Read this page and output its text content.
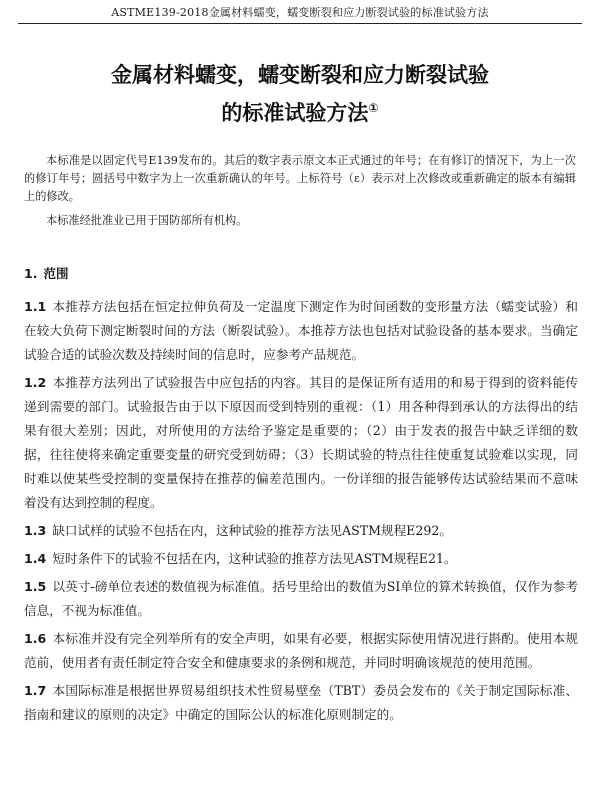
ASTME139-2018金属材料蠕变，蠕变断裂和应力断裂试验的标准试验方法
金属材料蠕变，蠕变断裂和应力断裂试验
的标准试验方法①

本标准是以固定代号E139发布的。其后的数字表示原文本正式通过的年号；在有修订的情况下，为上一次的修订年号；圆括号中数字为上一次重新确认的年号。上标符号（ε）表示对上次修改或重新确定的版本有编辑上的修改。

本标准经批准业已用于国防部所有机构。

1. 范围

1.1 本推荐方法包括在恒定拉伸负荷及一定温度下测定作为时间函数的变形量方法（蠕变试验）和在较大负荷下测定断裂时间的方法（断裂试验）。本推荐方法也包括对试验设备的基本要求。当确定试验合适的试验次数及持续时间的信息时，应参考产品规范。

1.2 本推荐方法列出了试验报告中应包括的内容。其目的是保证所有适用的和易于得到的资料能传递到需要的部门。试验报告由于以下原因而受到特别的重视：（1）用各种得到承认的方法得出的结果有很大差别；因此，对所使用的方法给予鉴定是重要的；（2）由于发表的报告中缺乏详细的数据，往往使将来确定重要变量的研究受到妨碍；（3）长期试验的特点往往使重复试验难以实现，同时难以使某些受控制的变量保持在推荐的偏差范围内。一份详细的报告能够传达试验结果而不意味着没有达到控制的程度。

1.3 缺口试样的试验不包括在内，这种试验的推荐方法见ASTM规程E292。

1.4 短时条件下的试验不包括在内，这种试验的推荐方法见ASTM规程E21。

1.5 以英寸-磅单位表述的数值视为标准值。括号里给出的数值为SI单位的算术转换值，仅作为参考信息，不视为标准值。

1.6 本标准并没有完全列举所有的安全声明，如果有必要，根据实际使用情况进行斟酌。使用本规范前，使用者有责任制定符合安全和健康要求的条例和规范，并同时明确该规范的使用范围。

1.7 本国际标准是根据世界贸易组织技术性贸易壁垒（TBT）委员会发布的《关于制定国际标准、指南和建议的原则的决定》中确定的国际公认的标准化原则制定的。
